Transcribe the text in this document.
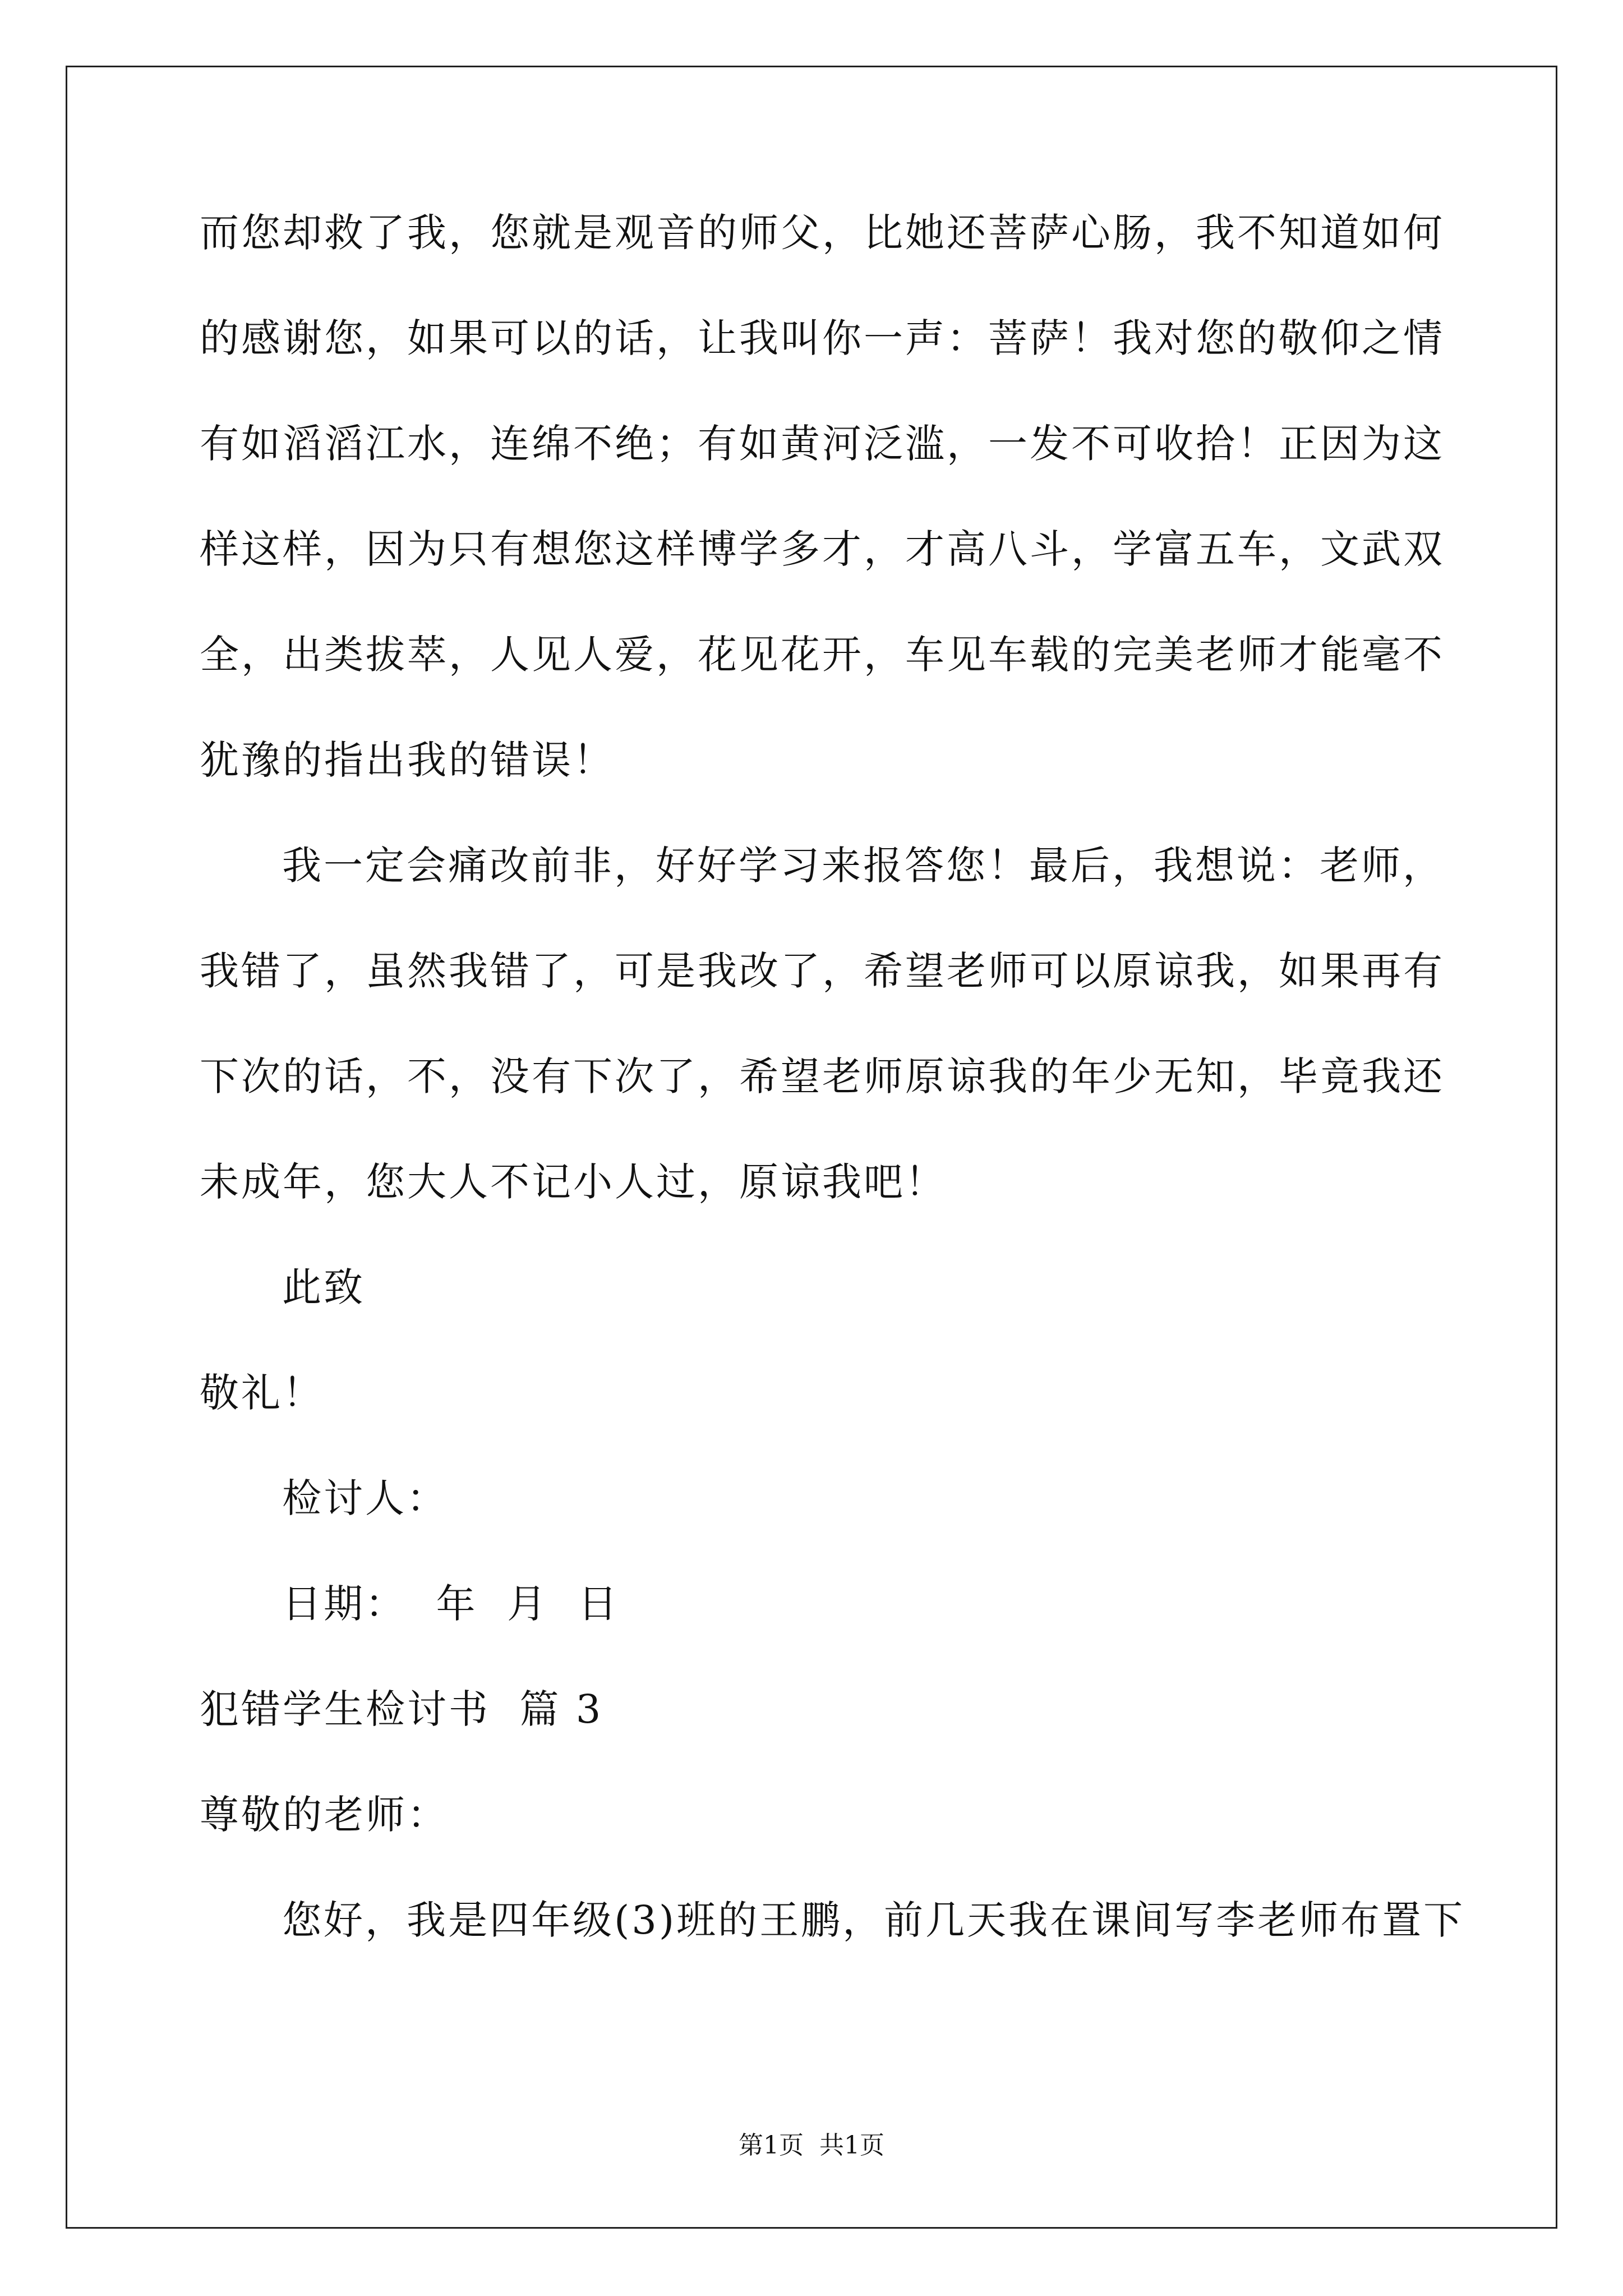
而您却救了我，您就是观音的师父，比她还菩萨心肠，我不知道如何
的感谢您，如果可以的话，让我叫你一声：菩萨！我对您的敬仰之情
有如滔滔江水，连绵不绝；有如黄河泛滥，一发不可收拾！正因为这
样这样，因为只有想您这样博学多才，才高八斗，学富五车，文武双
全，出类拔萃，人见人爱，花见花开，车见车载的完美老师才能毫不
犹豫的指出我的错误！
我一定会痛改前非，好好学习来报答您！最后，我想说：老师，
我错了，虽然我错了，可是我改了，希望老师可以原谅我，如果再有
下次的话，不，没有下次了，希望老师原谅我的年少无知，毕竟我还
未成年，您大人不记小人过，原谅我吧！
此致
敬礼！
检讨人：
日期：  年  月  日
犯错学生检讨书  篇 3
尊敬的老师：
您好，我是四年级(3)班的王鹏，前几天我在课间写李老师布置下
第1页  共1页
